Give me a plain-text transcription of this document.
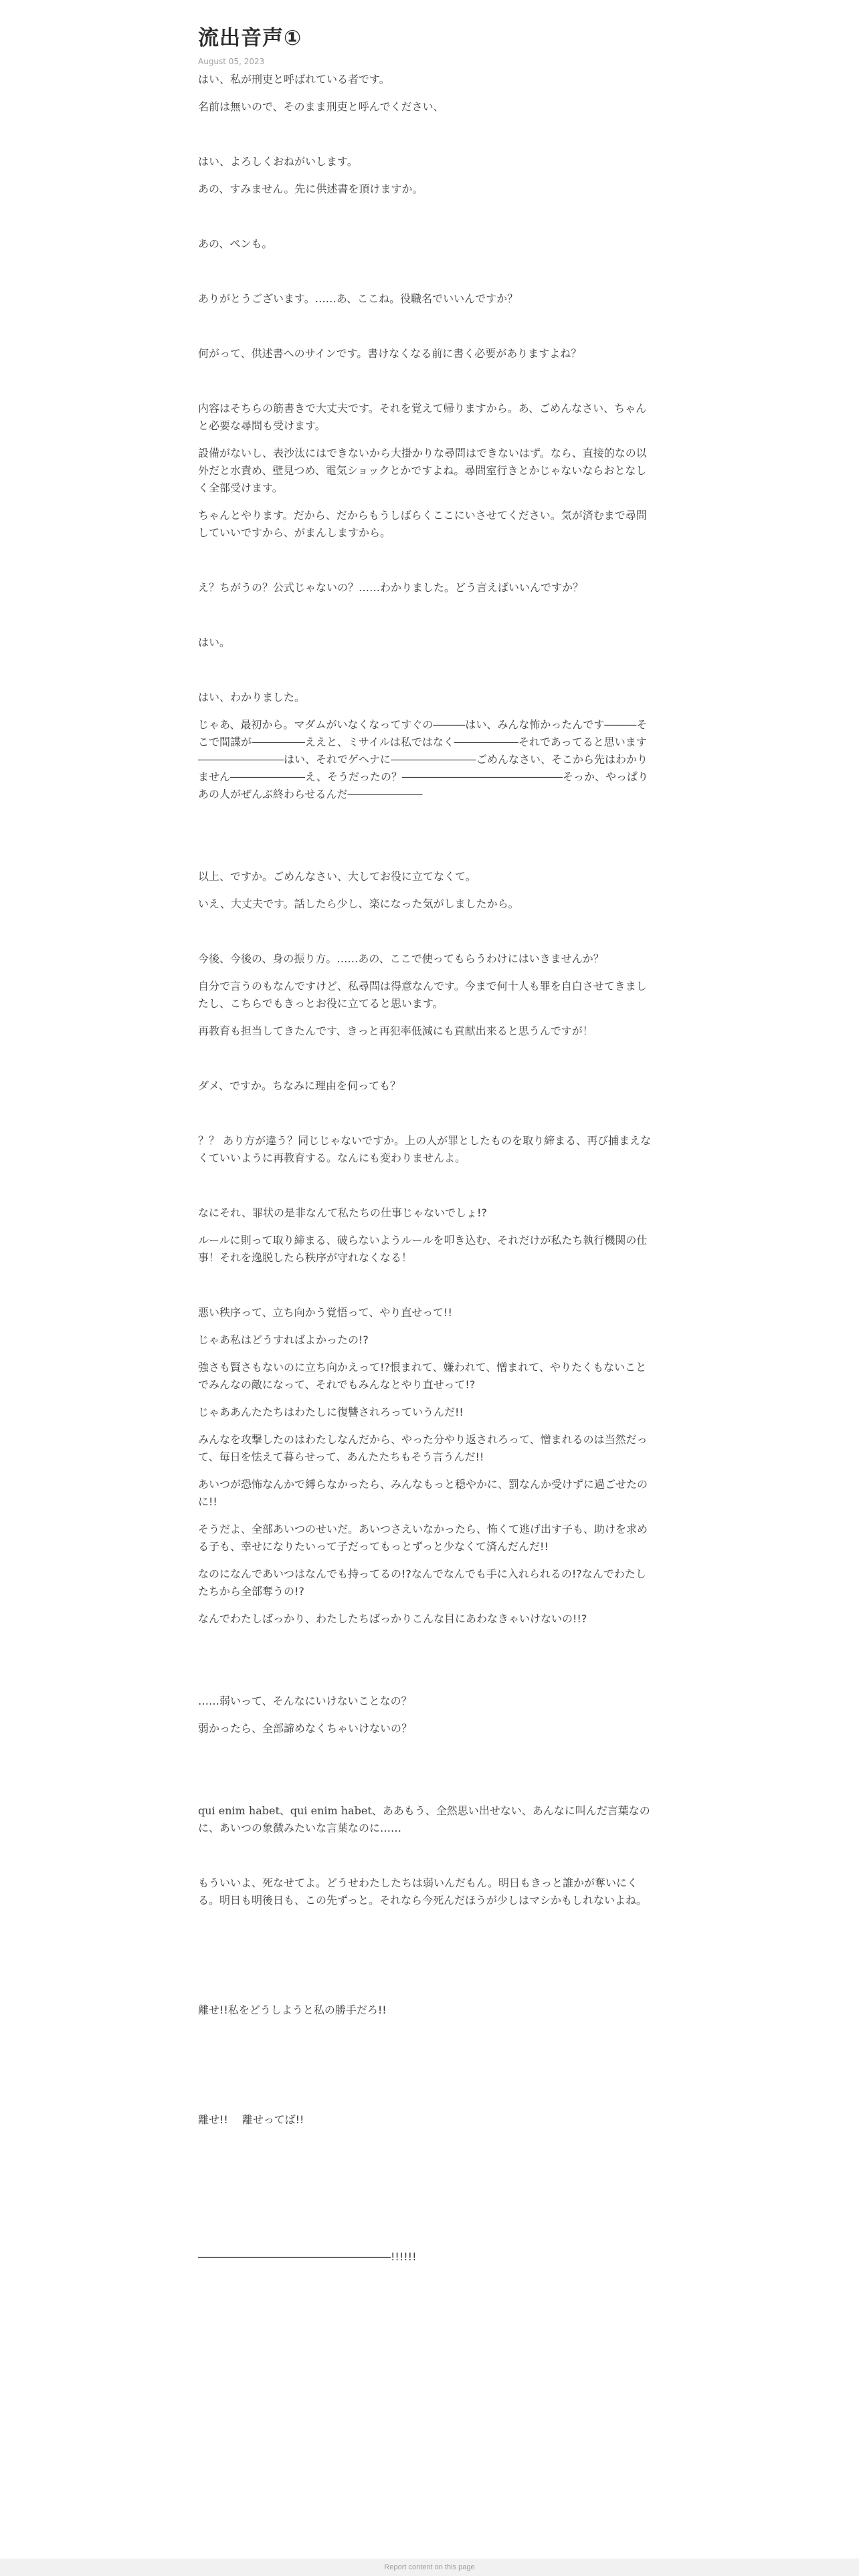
流出音声①
August 05, 2023

はい、私が刑吏と呼ばれている者です。

名前は無いので、そのまま刑吏と呼んでください、

はい、よろしくおねがいします。

あの、すみません。先に供述書を頂けますか。

あの、ペンも。

ありがとうございます。……あ、ここね。役職名でいいんですか？

何がって、供述書へのサインです。書けなくなる前に書く必要がありますよね？

内容はそちらの筋書きで大丈夫です。それを覚えて帰りますから。あ、ごめんなさい、ちゃんと必要な尋問も受けます。

設備がないし、表沙汰にはできないから大掛かりな尋問はできないはず。なら、直接的なの以外だと水責め、壁見つめ、電気ショックとかですよね。尋問室行きとかじゃないならおとなしく全部受けます。

ちゃんとやります。だから、だからもうしばらくここにいさせてください。気が済むまで尋問していいですから、がまんしますから。

え？ちがうの？公式じゃないの？……わかりました。どう言えばいいんですか？

はい。

はい、わかりました。

じゃあ、最初から。マダムがいなくなってすぐの―――はい、みんな怖かったんです―――そこで間諜が―――――ええと、ミサイルは私ではなく――――――それであってると思います――――――――はい、それでゲヘナに――――――――ごめんなさい、そこから先はわかりません―――――――え、そうだったの？―――――――――――――――そっか、やっぱりあの人がぜんぶ終わらせるんだ―――――――

以上、ですか。ごめんなさい、大してお役に立てなくて。

いえ、大丈夫です。話したら少し、楽になった気がしましたから。

今後、今後の、身の振り方。……あの、ここで使ってもらうわけにはいきませんか？

自分で言うのもなんですけど、私尋問は得意なんです。今まで何十人も罪を自白させてきましたし、こちらでもきっとお役に立てると思います。

再教育も担当してきたんです、きっと再犯率低減にも貢献出来ると思うんですが！

ダメ、ですか。ちなみに理由を伺っても？

？？ あり方が違う？同じじゃないですか。上の人が罪としたものを取り締まる、再び捕まえなくていいように再教育する。なんにも変わりませんよ。

なにそれ、罪状の是非なんて私たちの仕事じゃないでしょ!?

ルールに則って取り締まる、破らないようルールを叩き込む、それだけが私たち執行機関の仕事！それを逸脱したら秩序が守れなくなる！

悪い秩序って、立ち向かう覚悟って、やり直せって!!

じゃあ私はどうすればよかったの!?

強さも賢さもないのに立ち向かえって!?恨まれて、嫌われて、憎まれて、やりたくもないことでみんなの敵になって、それでもみんなとやり直せって!?

じゃああんたたちはわたしに復讐されろっていうんだ!!

みんなを攻撃したのはわたしなんだから、やった分やり返されろって、憎まれるのは当然だって、毎日を怯えて暮らせって、あんたたちもそう言うんだ!!

あいつが恐怖なんかで縛らなかったら、みんなもっと穏やかに、罰なんか受けずに過ごせたのに!!

そうだよ、全部あいつのせいだ。あいつさえいなかったら、怖くて逃げ出す子も、助けを求める子も、幸せになりたいって子だってもっとずっと少なくて済んだんだ!!

なのになんであいつはなんでも持ってるの!?なんでなんでも手に入れられるの!?なんでわたしたちから全部奪うの!?

なんでわたしばっかり、わたしたちばっかりこんな目にあわなきゃいけないの!!?

……弱いって、そんなにいけないことなの？

弱かったら、全部諦めなくちゃいけないの？

qui enim habet、qui enim habet、ああもう、全然思い出せない、あんなに叫んだ言葉なのに、あいつの象徴みたいな言葉なのに……

もういいよ、死なせてよ。どうせわたしたちは弱いんだもん。明日もきっと誰かが奪いにくる。明日も明後日も、この先ずっと。それなら今死んだほうが少しはマシかもしれないよね。

離せ!!私をどうしようと私の勝手だろ!!

離せ!!　 離せってば!!

――――――――――――――――――!!!!!!

Report content on this page
